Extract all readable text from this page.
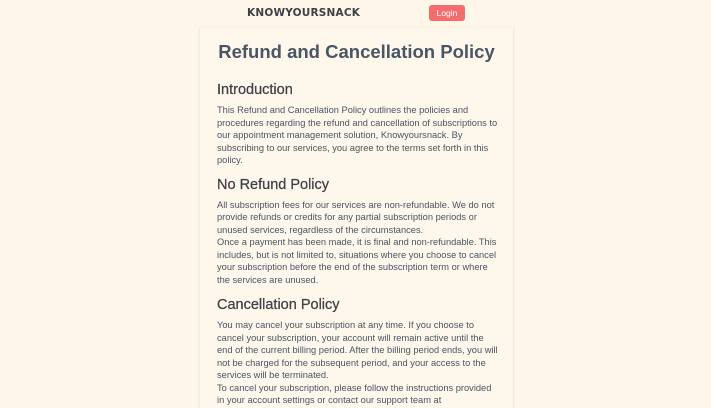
KNOWYOURSNACK	Login
Refund and Cancellation Policy
Introduction

This Refund and Cancellation Policy outlines the policies and procedures regarding the refund and cancellation of subscriptions to our appointment management solution, Knowyoursnack. By subscribing to our services, you agree to the terms set forth in this policy.

No Refund Policy

All subscription fees for our services are non-refundable. We do not provide refunds or credits for any partial subscription periods or unused services, regardless of the circumstances.

Once a payment has been made, it is final and non-refundable. This includes, but is not limited to, situations where you choose to cancel your subscription before the end of the subscription term or where the services are unused.

Cancellation Policy

You may cancel your subscription at any time. If you choose to cancel your subscription, your account will remain active until the end of the current billing period. After the billing period ends, you will not be charged for the subsequent period, and your access to the services will be terminated.

To cancel your subscription, please follow the instructions provided in your account settings or contact our support team at
